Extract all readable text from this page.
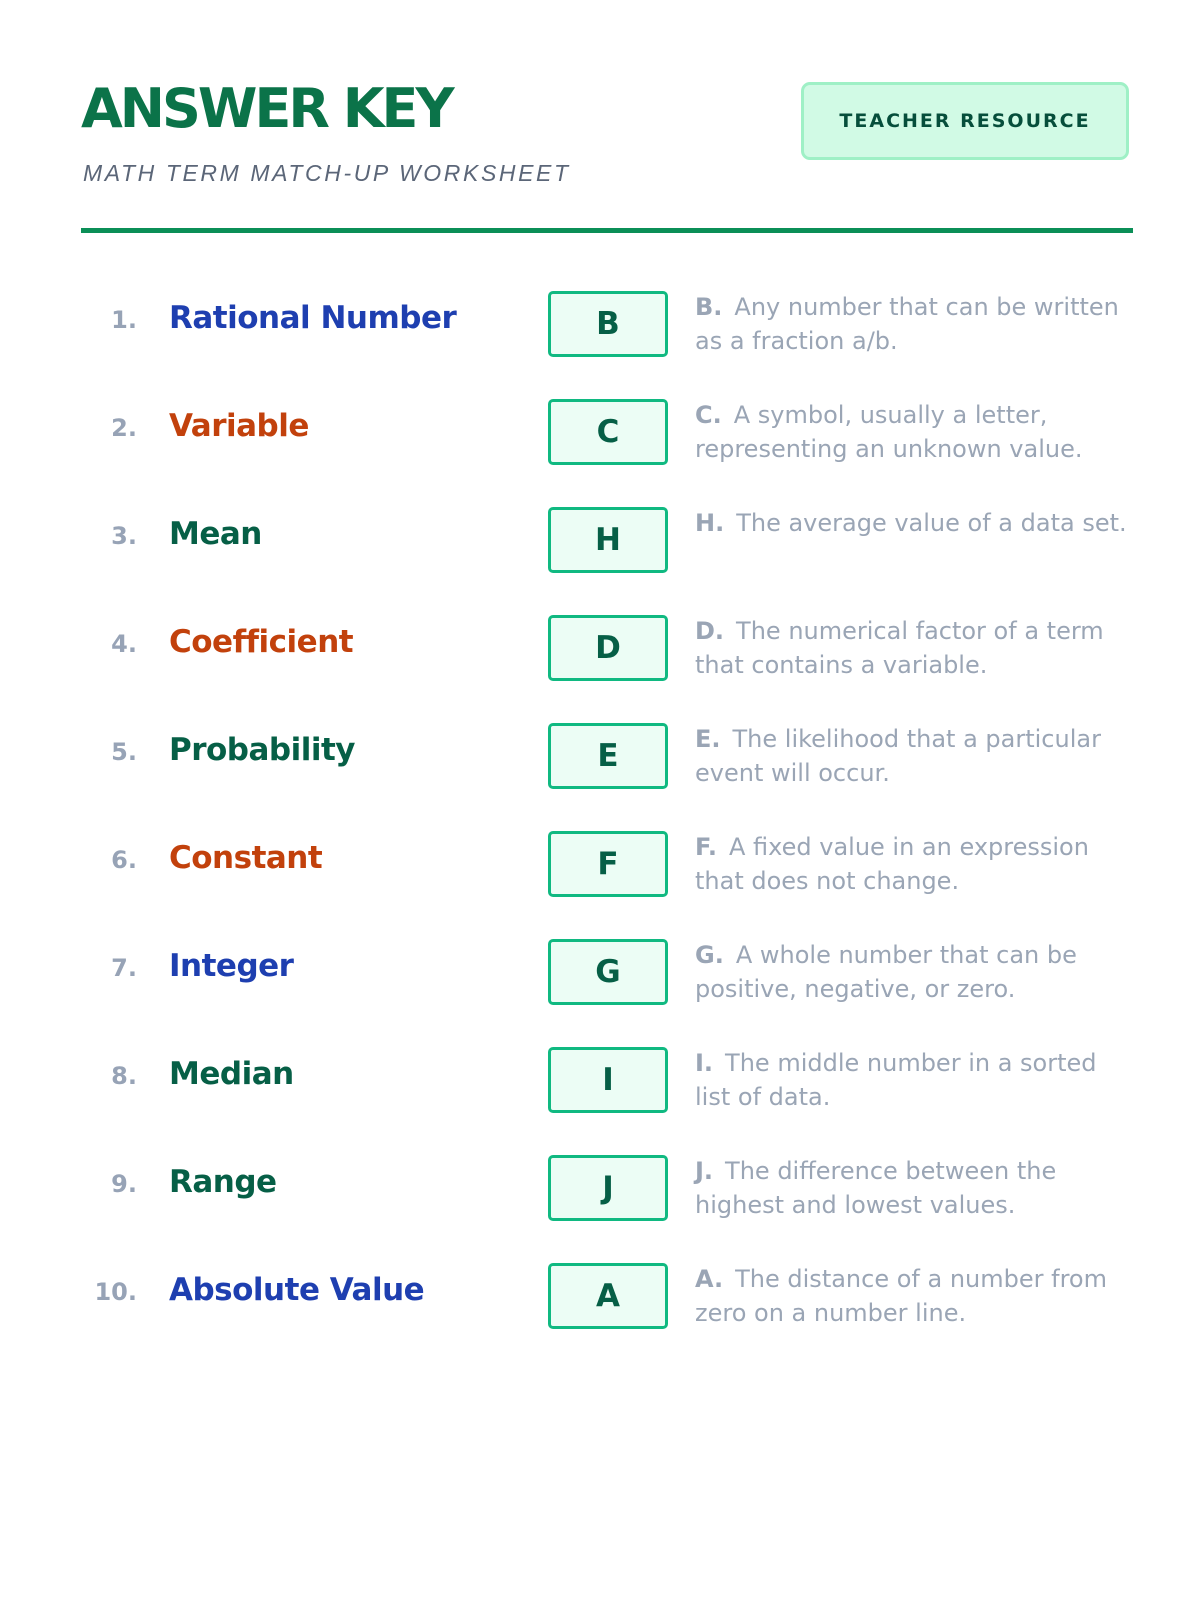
ANSWER KEY
MATH TERM MATCH-UP WORKSHEET
TEACHER RESOURCE
1. Rational Number	B	B. Any number that can be written as a fraction a/b.
2. Variable	C	C. A symbol, usually a letter, representing an unknown value.
3. Mean	H	H. The average value of a data set.
4. Coefficient	D	D. The numerical factor of a term that contains a variable.
5. Probability	E	E. The likelihood that a particular event will occur.
6. Constant	F	F. A fixed value in an expression that does not change.
7. Integer	G	G. A whole number that can be positive, negative, or zero.
8. Median	I	I. The middle number in a sorted list of data.
9. Range	J	J. The difference between the highest and lowest values.
10. Absolute Value	A	A. The distance of a number from zero on a number line.
